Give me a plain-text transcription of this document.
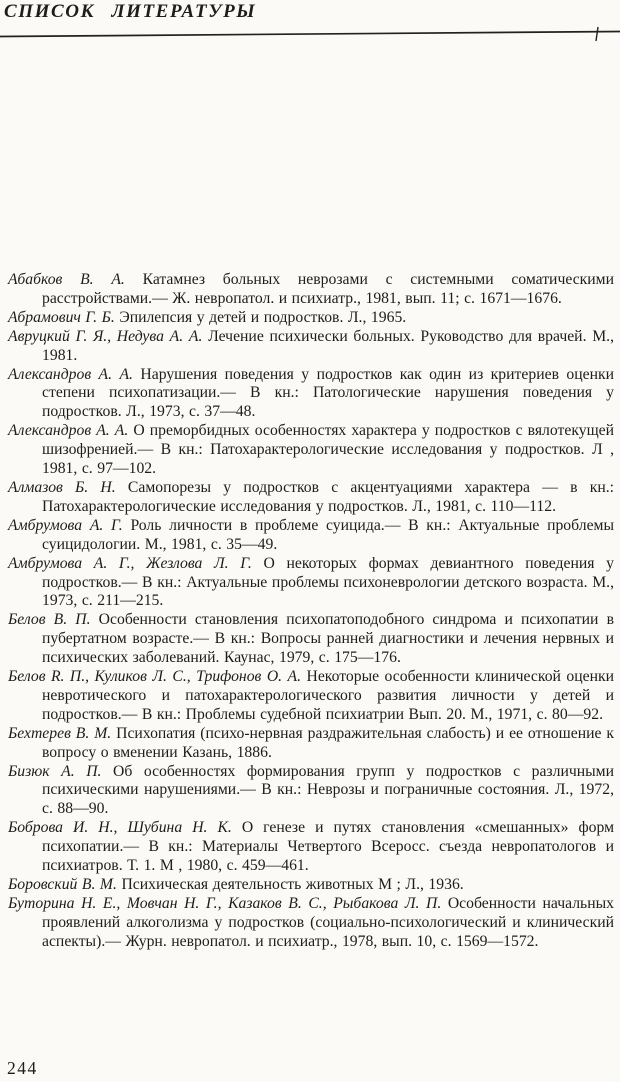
СПИСОК ЛИТЕРАТУРЫ

Абабков В. А. Катамнез больных неврозами с системными соматическими расстройствами.— Ж. невропатол. и психиатр., 1981, вып. 11; с. 1671—1676.

Абрамович Г. Б. Эпилепсия у детей и подростков. Л., 1965.

Авруцкий Г. Я., Недува А. А. Лечение психически больных. Руководство для врачей. М., 1981.

Александров А. А. Нарушения поведения у подростков как один из критериев оценки степени психопатизации.— В кн.: Патологические нарушения поведения у подростков. Л., 1973, с. 37—48.

Александров А. А. О преморбидных особенностях характера у подростков с вялотекущей шизофренией.— В кн.: Патохарактерологические исследования у подростков. Л , 1981, с. 97—102.

Алмазов Б. Н. Самопорезы у подростков с акцентуациями характера — в кн.: Патохарактерологические исследования у подростков. Л., 1981, с. 110—112.

Амбрумова А. Г. Роль личности в проблеме суицида.— В кн.: Актуальные проблемы суицидологии. М., 1981, с. 35—49.

Амбрумова А. Г., Жезлова Л. Г. О некоторых формах девиантного поведения у подростков.— В кн.: Актуальные проблемы психоневрологии детского возраста. М., 1973, с. 211—215.

Белов В. П. Особенности становления психопатоподобного синдрома и психопатии в пубертатном возрасте.— В кн.: Вопросы ранней диагностики и лечения нервных и психических заболеваний. Каунас, 1979, с. 175—176.

Белов R. П., Куликов Л. С., Трифонов О. А. Некоторые особенности клинической оценки невротического и патохарактерологического развития личности у детей и подростков.— В кн.: Проблемы судебной психиатрии Вып. 20. М., 1971, с. 80—92.

Бехтерев В. М. Психопатия (психо-нервная раздражительная слабость) и ее отношение к вопросу о вменении Казань, 1886.

Бизюк А. П. Об особенностях формирования групп у подростков с различными психическими нарушениями.— В кн.: Неврозы и пограничные состояния. Л., 1972, с. 88—90.

Боброва И. Н., Шубина Н. К. О генезе и путях становления «смешанных» форм психопатии.— В кн.: Материалы Четвертого Всеросс. съезда невропатологов и психиатров. Т. 1. М , 1980, с. 459—461.

Боровский В. М. Психическая деятельность животных М ; Л., 1936.

Буторина Н. Е., Мовчан Н. Г., Казаков В. С., Рыбакова Л. П. Особенности начальных проявлений алкоголизма у подростков (социально-психологический и клинический аспекты).— Журн. невропатол. и психиатр., 1978, вып. 10, с. 1569—1572.

244
